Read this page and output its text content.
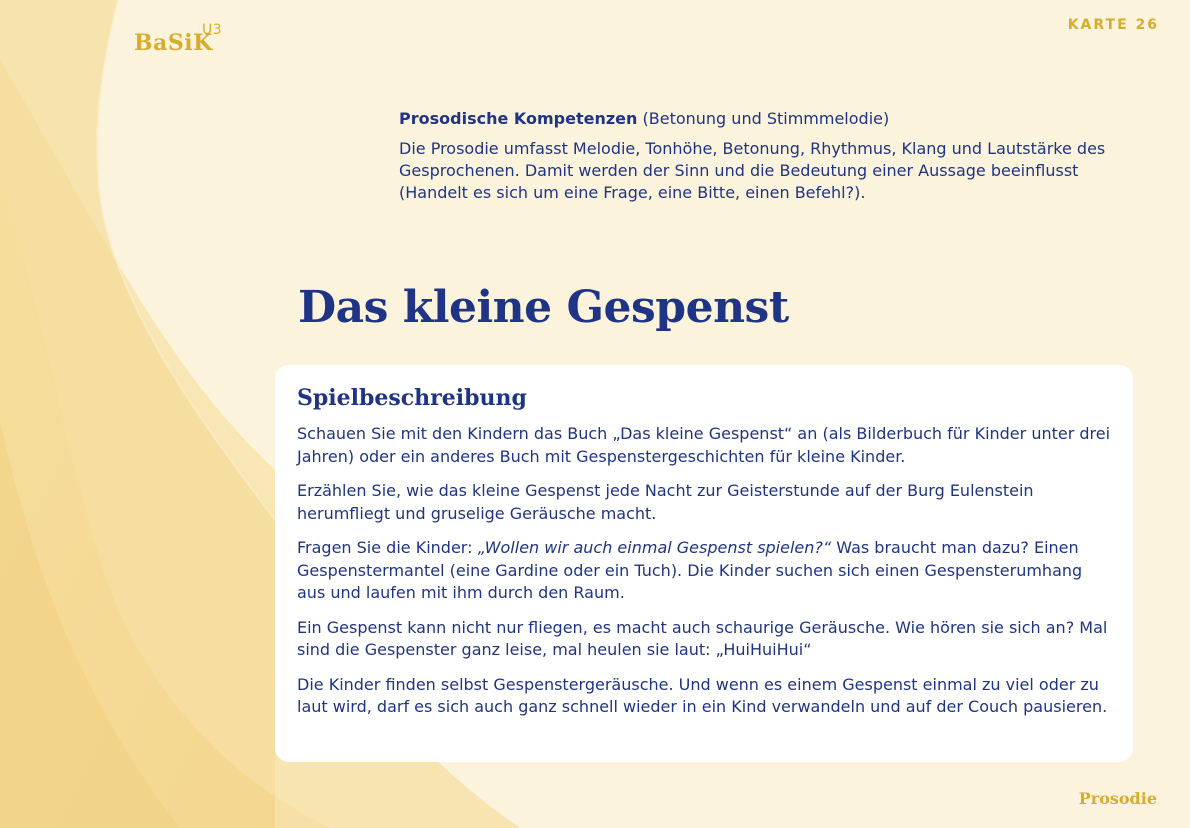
BaSiK
U3	KARTE 26

Prosodische Kompetenzen (Betonung und Stimmmelodie)

Die Prosodie umfasst Melodie, Tonhöhe, Betonung, Rhythmus, Klang und Lautstärke des Gesprochenen. Damit werden der Sinn und die Bedeutung einer Aussage beeinflusst (Handelt es sich um eine Frage, eine Bitte, einen Befehl?).

Das kleine Gespenst
Spielbeschreibung

Schauen Sie mit den Kindern das Buch „Das kleine Gespenst“ an (als Bilderbuch für Kinder unter drei Jahren) oder ein anderes Buch mit Gespenstergeschichten für kleine Kinder.

Erzählen Sie, wie das kleine Gespenst jede Nacht zur Geisterstunde auf der Burg Eulenstein herumfliegt und gruselige Geräusche macht.

Fragen Sie die Kinder: „Wollen wir auch einmal Gespenst spielen?“ Was braucht man dazu? Einen Gespenstermantel (eine Gardine oder ein Tuch). Die Kinder suchen sich einen Gespensterumhang aus und laufen mit ihm durch den Raum.

Ein Gespenst kann nicht nur fliegen, es macht auch schaurige Geräusche. Wie hören sie sich an? Mal sind die Gespenster ganz leise, mal heulen sie laut: „HuiHuiHui“

Die Kinder finden selbst Gespenstergeräusche. Und wenn es einem Gespenst einmal zu viel oder zu laut wird, darf es sich auch ganz schnell wieder in ein Kind verwandeln und auf der Couch pausieren.

Prosodie
